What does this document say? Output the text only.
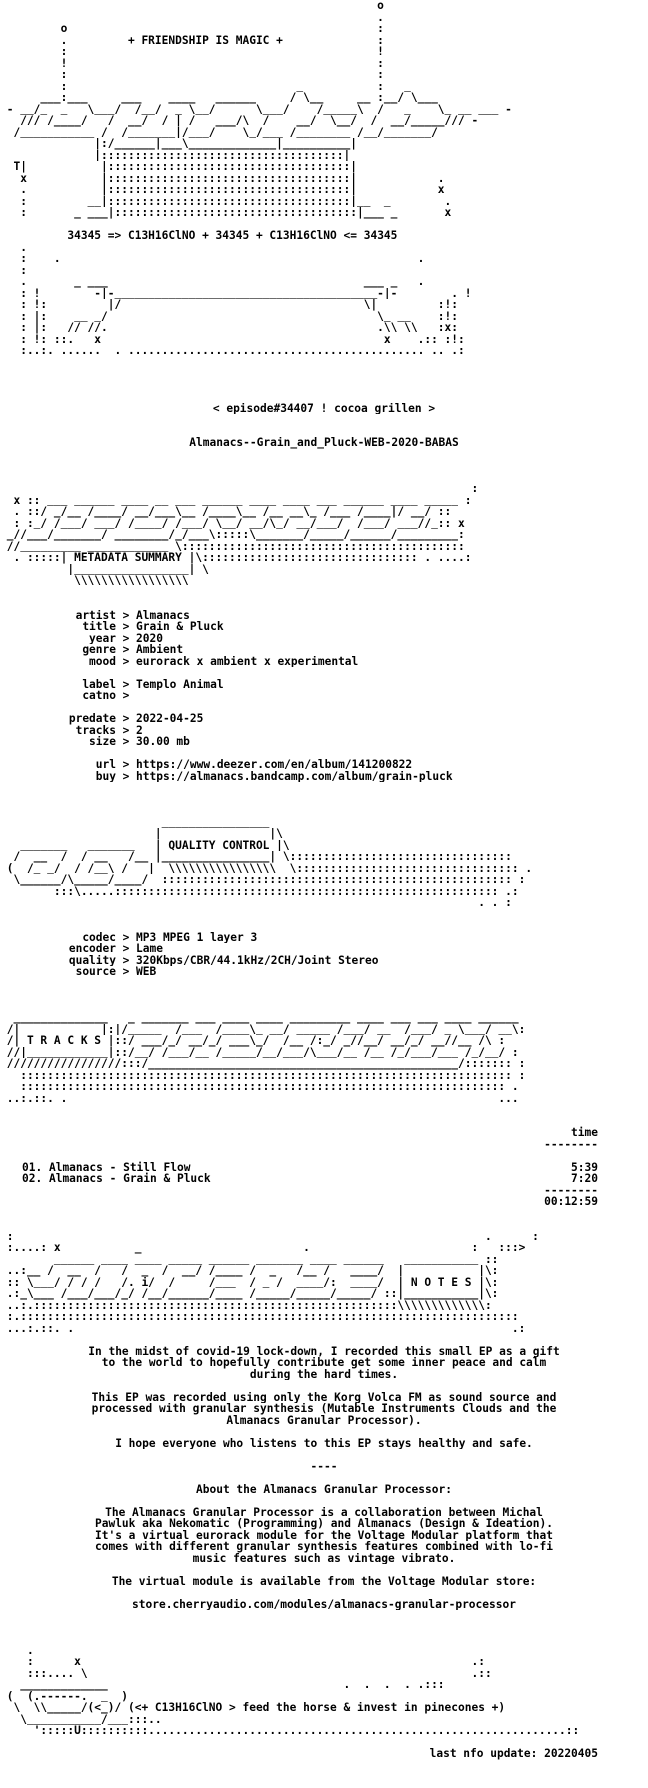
o
.
o                                              :
.         + FRIENDSHIP IS MAGIC +              :
:                                              !
!                                              :
:                                              :
:                                  _           :   _
___:___     ___    ____   ______     / \__     __ :__/ \___
- __/_  _   \___/  /__/  _ \__/      \___/    /_____\  /   _    \_ __ ___ -
/// /____/   /  __/  / | /   ___/\  /    __/  \__/  /  __/_____/// -
/___________ /  /_______|/___/    \_/___ /________ /__/_______/
|:/______|___\_____________|__________|
|::::::::::::::::::::::::::::::::::::|
T|           |::::::::::::::::::::::::::::::::::::|
x           |::::::::::::::::::::::::::::::::::::|            .
.           |::::::::::::::::::::::::::::::::::::|            x
:         __|::::::::::::::::::::::::::::::::::::|__  _        .
:       _ ___|::::::::::::::::::::::::::::::::::::|___ _       x
34345 => C13H16ClNO + 34345 + C13H16ClNO <= 34345
.
:    .                                                     .
:
.       _ ___                                      ___ _   .
: !        -|-_______________________________________-|-        . !
: !:         |/                                    \|         :!:
: |:    __ _/                                        \_ __    :!:
: |:   // //.                                        .\\ \\   :x:
: !: ::.   x                                          x    .:: :!:
:..:. ......  . ............................................ .. .:
< episode#34407 ! cocoa grillen >
Almanacs--Grain_and_Pluck-WEB-2020-BABAS
:
x :: ___ ______ ____ __ ___ ______ ____ ____ ___ ______ ____ _____ :
. ::/ _/__ /____/ __/___\__ /____\__ /__ __\_ /___ /____|/ __/ ::
: :_/ /___/ ___/ /____/ /___/ \__/ __/\_/ __/___/  /___/ ___//_:: x
_//___/_______/ ________/_/___\:::::\_______/_____/______/_________:
//_________ ____________ \::::::::::::::::::::::::::::::::::::::::::
. :::::| METADATA SUMMARY |\:::::::::::::::::::::::::::::::: . ....:
|_________________| \
\\\\\\\\\\\\\\\\\
artist > Almanacs
title > Grain & Pluck
year > 2020
genre > Ambient
mood > eurorack x ambient x experimental
label > Templo Animal
catno >
predate > 2022-04-25
tracks > 2
size > 30.00 mb
url > https://www.deezer.com/en/album/141200822
buy > https://almanacs.bandcamp.com/album/grain-pluck
________________
|                |\
_______   _______   | QUALITY CONTROL |\
/  __  /  / __   /__ |________________| \:::::::::::::::::::::::::::::::::
(  /_ _/  / /__\ /   |  \\\\\\\\\\\\\\\\  \::::::::::::::::::::::::::::::::: .
\______/\_____/____/  :::::::::::::::::::::::::::::::::::::::::::::::::::: :
:::\.....::::::::::::::::::::::::::::::::::::::::::::::::::::::::: .:
. . :
codec > MP3 MPEG 1 layer 3
encoder > Lame
quality > 320Kbps/CBR/44.1kHz/2CH/Joint Stereo
source > WEB
______________   _ _______ ___ ____ ____ _________ ____ ___ ___ ____ ______
/|            |:|/_____  /___  /____\_ __/ _____ /___/ __  /___/ _ \___/ __\:
/| T R A C K S |::/ ___/_/ __/_/ ___\_/  /__ /:_/ _//__/ __/_/ __//__ /\ :
//|____________|::/__/ /___/__ /_____/__/___/\___/__ /__ /_/___/___ /_/__/ :
/////////////////:::/______________________________________________/::::::: :
::::::::::::::::::::::::::::::::::::::::::::::::::::::::::::::::::::::::: :
:::::::::::::::::::::::::::::::::::::::::::::::::::::::::::::::::::::::: .
..:.::. .                                                                ...
time
--------
01. Almanacs - Still Flow	5:39
02. Almanacs - Grain & Pluck	7:20
--------
00:12:59
:                                                                      .      :
:....: x           _                        .                        :   :::>
______ ____ ____ _____ ______ _______ ____ ______   ___________ ::
..:__ /  __  /   /  _  /  __/ /____ /  _   /__ /   ____/  |           |\:
:: \___/ / / /   /. i/  /     /___  / _ /  ____/:  ____/  | N O T E S |\:
.:_\___ /___/___/_/ /__/______/____ /_____/_____/_____/ ::|___________|\:
..:.::::::::::::::::::::::::::::::::::::::::::::::::::::::\\\\\\\\\\\\\:
:.::::::::::::::::::::::::::::::::::::::::::::::::::::::::::::::::::::::::::
...:.::. .                                                                 .:
In the midst of covid-19 lock-down, I recorded this small EP as a gift
to the world to hopefully contribute get some inner peace and calm
during the hard times.
This EP was recorded using only the Korg Volca FM as sound source and
processed with granular synthesis (Mutable Instruments Clouds and the
Almanacs Granular Processor).
I hope everyone who listens to this EP stays healthy and safe.
----
About the Almanacs Granular Processor:
The Almanacs Granular Processor is a collaboration between Michal
Pawluk aka Nekomatic (Programming) and Almanacs (Design & Ideation).
It's a virtual eurorack module for the Voltage Modular platform that
comes with different granular synthesis features combined with lo-fi
music features such as vintage vibrato.
The virtual module is available from the Voltage Modular store:
store.cherryaudio.com/modules/almanacs-granular-processor
.
:      x                                                          .:
:::.... \                                                         .::
_____________                                   .  .  .  . .:::
(  (.------.  _  )
\  \\_____/(<_)/ (<+ C13H16ClNO > feed the horse & invest in pinecones +)
\___________/___:::..
':::::U::::::::::..............................................................::
last nfo update: 20220405
